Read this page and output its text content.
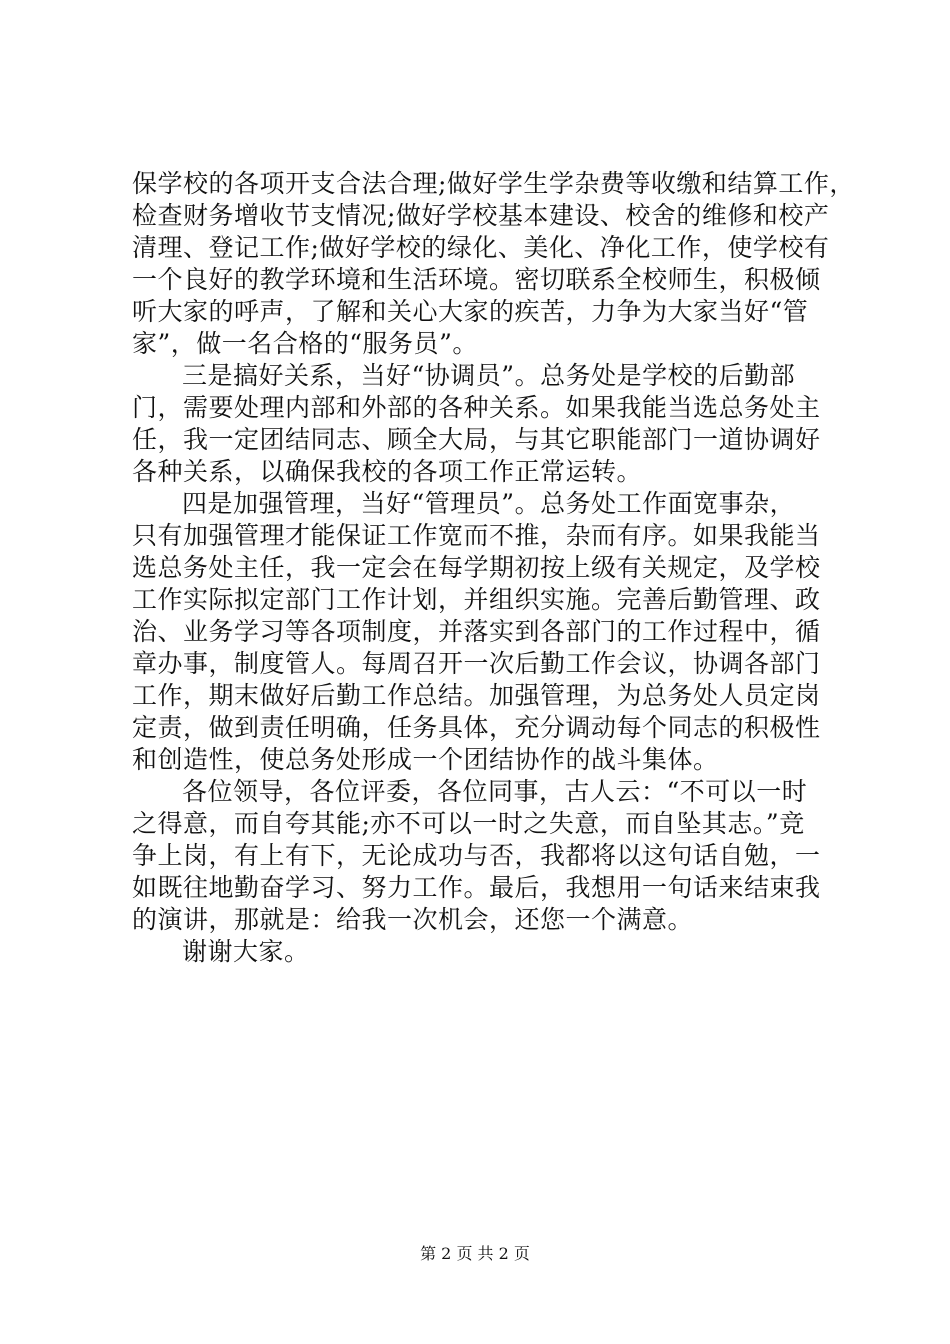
保学校的各项开支合法合理;做好学生学杂费等收缴和结算工作，
检查财务增收节支情况;做好学校基本建设、校舍的维修和校产
清理、登记工作;做好学校的绿化、美化、净化工作，使学校有
一个良好的教学环境和生活环境。密切联系全校师生，积极倾
听大家的呼声，了解和关心大家的疾苦，力争为大家当好“管
家”，做一名合格的“服务员”。
三是搞好关系，当好“协调员”。总务处是学校的后勤部
门，需要处理内部和外部的各种关系。如果我能当选总务处主
任，我一定团结同志、顾全大局，与其它职能部门一道协调好
各种关系，以确保我校的各项工作正常运转。
四是加强管理，当好“管理员”。总务处工作面宽事杂，
只有加强管理才能保证工作宽而不推，杂而有序。如果我能当
选总务处主任，我一定会在每学期初按上级有关规定，及学校
工作实际拟定部门工作计划，并组织实施。完善后勤管理、政
治、业务学习等各项制度，并落实到各部门的工作过程中，循
章办事，制度管人。每周召开一次后勤工作会议，协调各部门
工作，期末做好后勤工作总结。加强管理，为总务处人员定岗
定责，做到责任明确，任务具体，充分调动每个同志的积极性
和创造性，使总务处形成一个团结协作的战斗集体。
各位领导，各位评委，各位同事，古人云：“不可以一时
之得意，而自夸其能;亦不可以一时之失意，而自坠其志。”竞
争上岗，有上有下，无论成功与否，我都将以这句话自勉，一
如既往地勤奋学习、努力工作。最后，我想用一句话来结束我
的演讲，那就是：给我一次机会，还您一个满意。
谢谢大家。
第 2 页 共 2 页
